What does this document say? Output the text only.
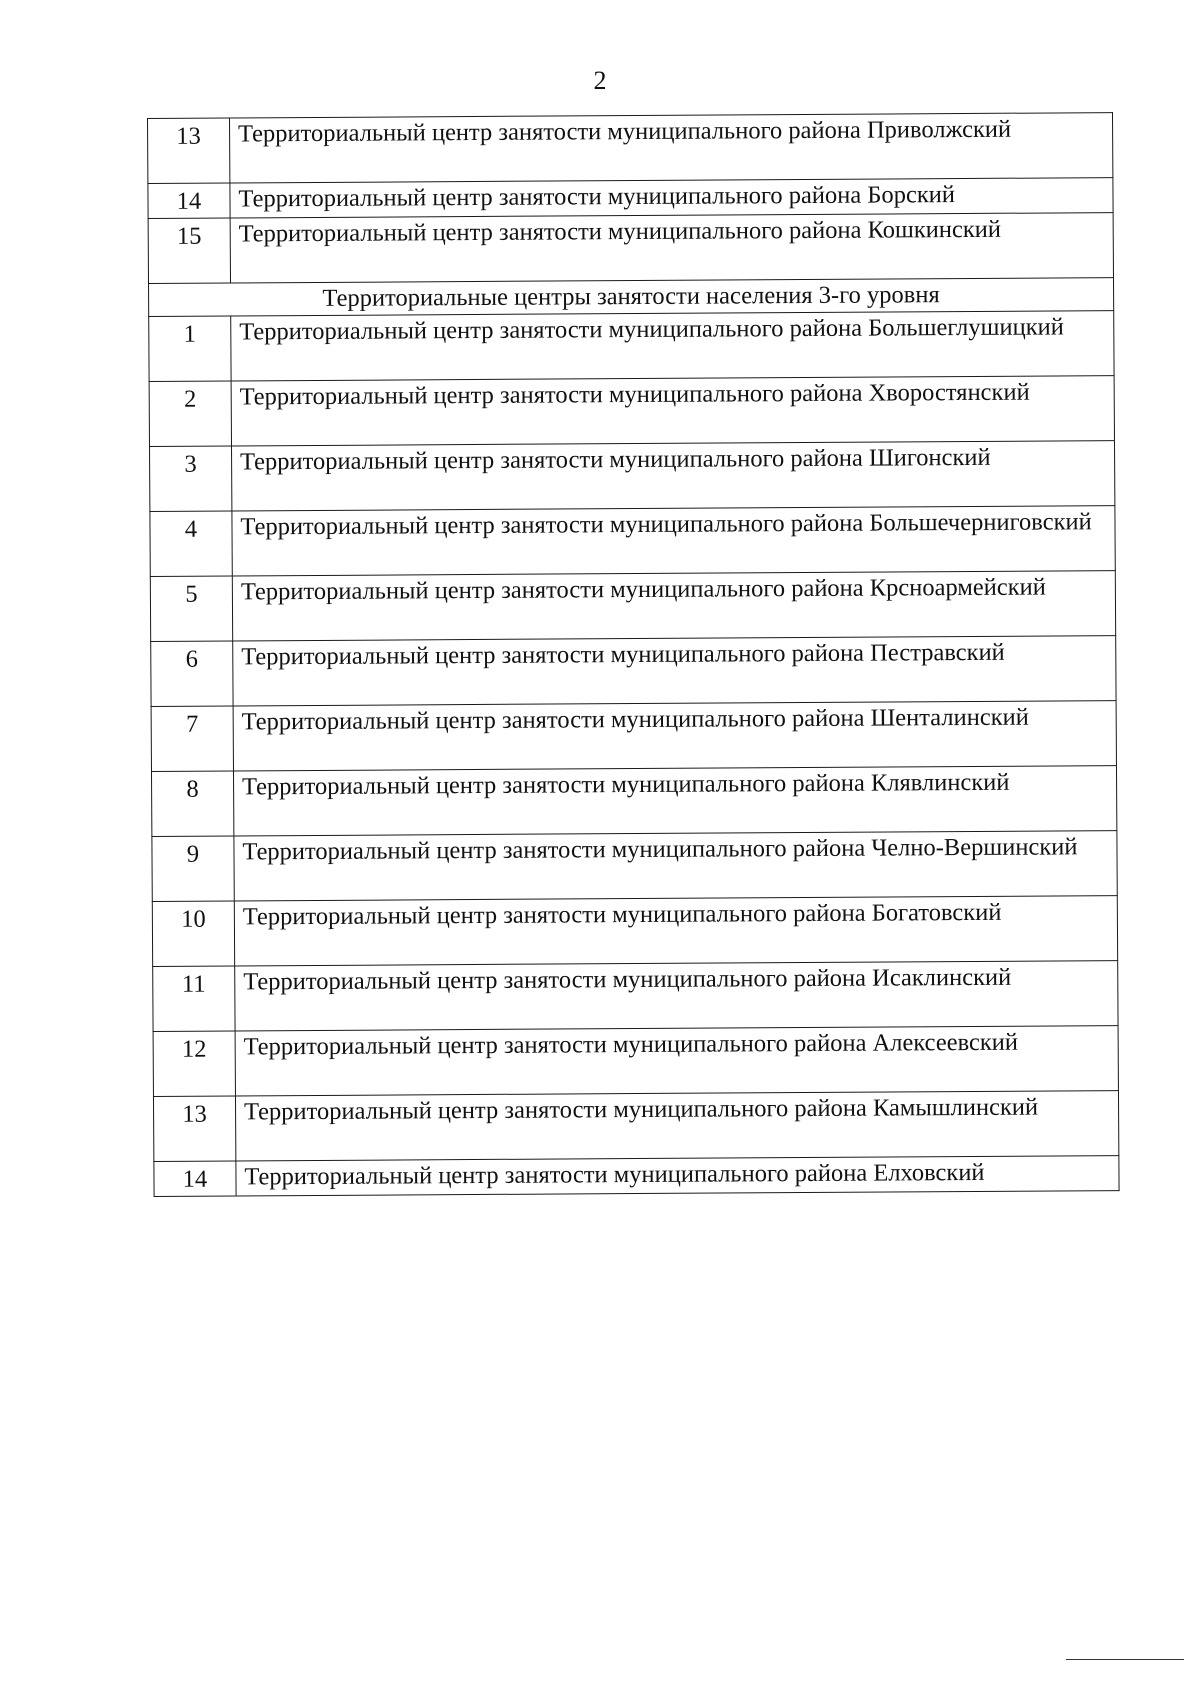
2
13	Территориальный центр занятости муниципального района Приволжский
14	Территориальный центр занятости муниципального района Борский
15	Территориальный центр занятости муниципального района Кошкинский
Территориальные центры занятости населения 3-го уровня	
1	Территориальный центр занятости муниципального района Большеглушицкий
2	Территориальный центр занятости муниципального района Хворостянский
3	Территориальный центр занятости муниципального района Шигонский
4	Территориальный центр занятости муниципального района Большечерниговский
5	Территориальный центр занятости муниципального района Крсноармейский
6	Территориальный центр занятости муниципального района Пестравский
7	Территориальный центр занятости муниципального района Шенталинский
8	Территориальный центр занятости муниципального района Клявлинский
9	Территориальный центр занятости муниципального района Челно-Вершинский
10	Территориальный центр занятости муниципального района Богатовский
11	Территориальный центр занятости муниципального района Исаклинский
12	Территориальный центр занятости муниципального района Алексеевский
13	Территориальный центр занятости муниципального района Камышлинский
14	Территориальный центр занятости муниципального района Елховский
